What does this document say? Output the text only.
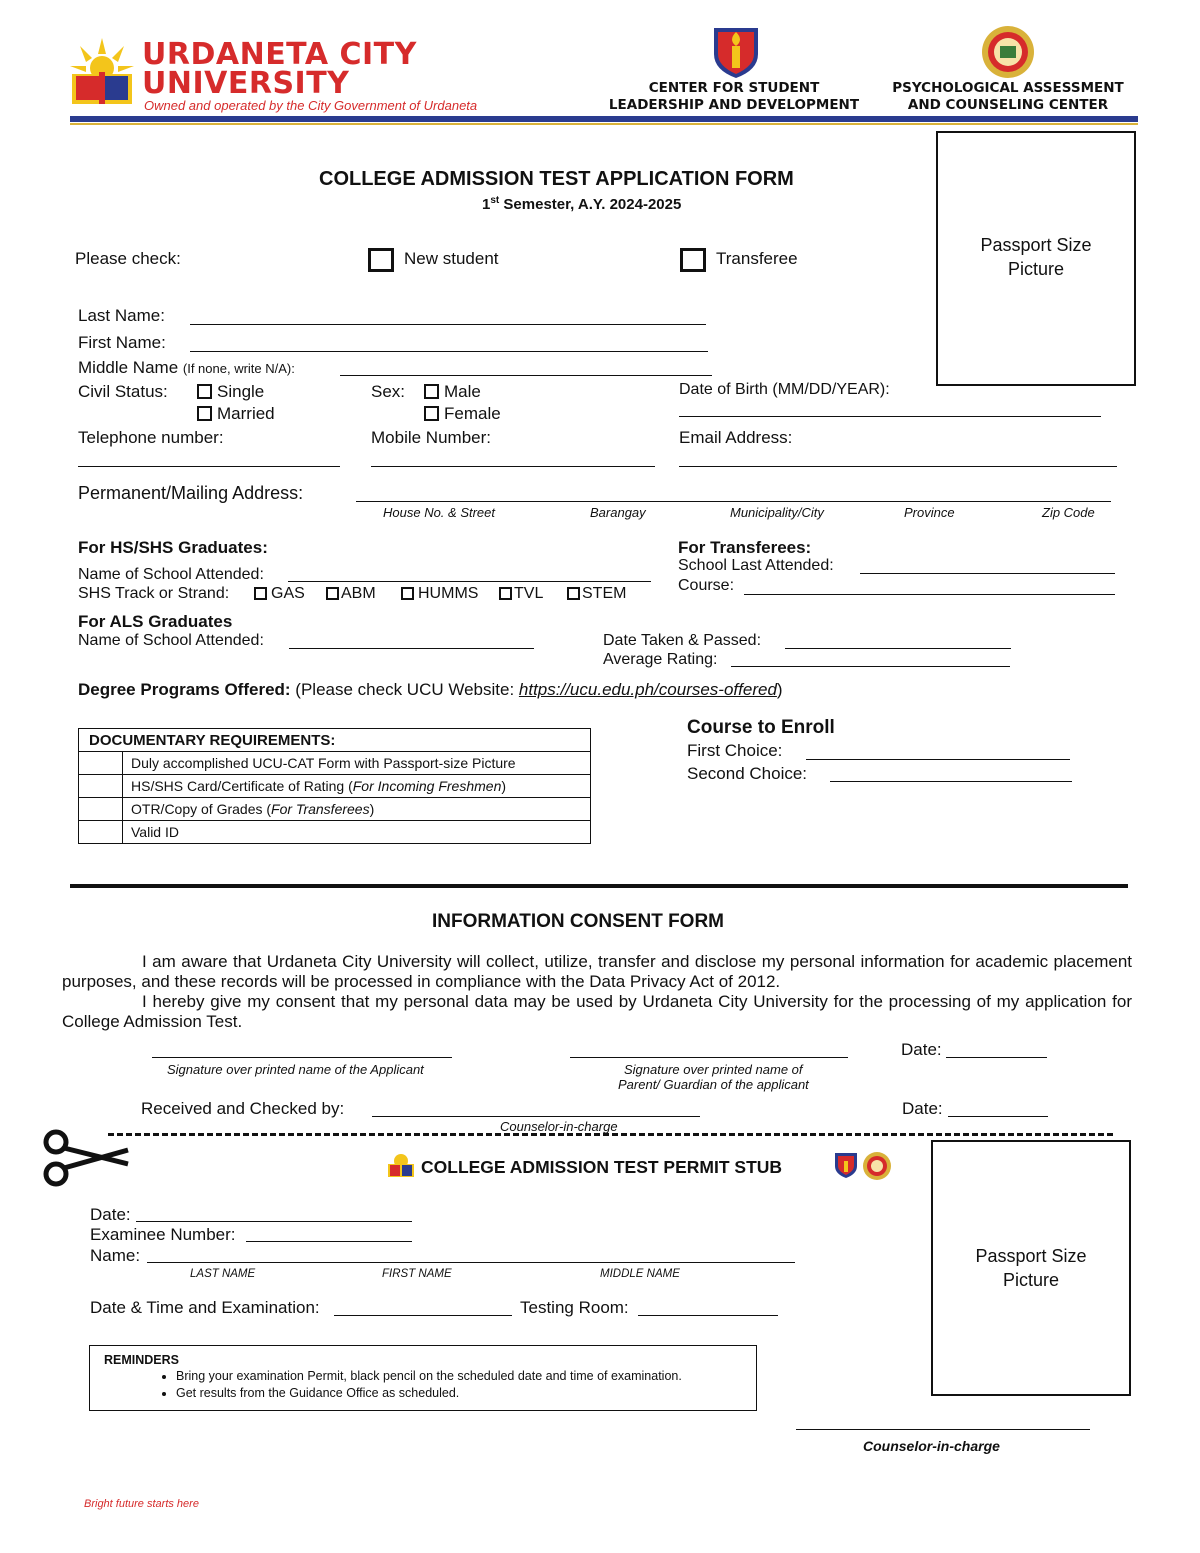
URDANETA CITY
UNIVERSITY
Owned and operated by the City Government of Urdaneta
CENTER FOR STUDENT
LEADERSHIP AND DEVELOPMENT
PSYCHOLOGICAL ASSESSMENT
AND COUNSELING CENTER
Passport Size
Picture
COLLEGE ADMISSION TEST APPLICATION FORM
1st Semester, A.Y. 2024-2025
Please check:	New student	Transferee
Last Name:
First Name:
Middle Name (If none, write N/A):
Civil Status:	Single
Married
Sex:	Male
Female
Date of Birth (MM/DD/YEAR):
Telephone number:	Mobile Number:	Email Address:
Permanent/Mailing Address:
House No. & Street	Barangay	Municipality/City	Province	Zip Code
For HS/SHS Graduates:
Name of School Attended:
SHS Track or Strand:	GAS	ABM	HUMMS	TVL	STEM
For Transferees:
School Last Attended:
Course:
For ALS Graduates
Name of School Attended:	Date Taken & Passed:
Average Rating:
Degree Programs Offered: (Please check UCU Website: https://ucu.edu.ph/courses-offered)
DOCUMENTARY REQUIREMENTS:	
	Duly accomplished UCU-CAT Form with Passport-size Picture
	HS/SHS Card/Certificate of Rating (For Incoming Freshmen)
	OTR/Copy of Grades (For Transferees)
	Valid ID
Course to Enroll
First Choice:
Second Choice:
INFORMATION CONSENT FORM
I am aware that Urdaneta City University will collect, utilize, transfer and disclose my personal information for academic placement purposes, and these records will be processed in compliance with the Data Privacy Act of 2012.
I hereby give my consent that my personal data may be used by Urdaneta City University for the processing of my application for College Admission Test.
Signature over printed name of the Applicant	Signature over printed name of
Parent/ Guardian of the applicant
Date:
Received and Checked by:
Counselor-in-charge
Date:
COLLEGE ADMISSION TEST PERMIT STUB
Passport Size
Picture
Date:
Examinee Number:
Name:
LAST NAME	FIRST NAME	MIDDLE NAME
Date & Time and Examination:	Testing Room:
REMINDERS
• Bring your examination Permit, black pencil on the scheduled date and time of examination.
• Get results from the Guidance Office as scheduled.
Counselor-in-charge
Bright future starts here
